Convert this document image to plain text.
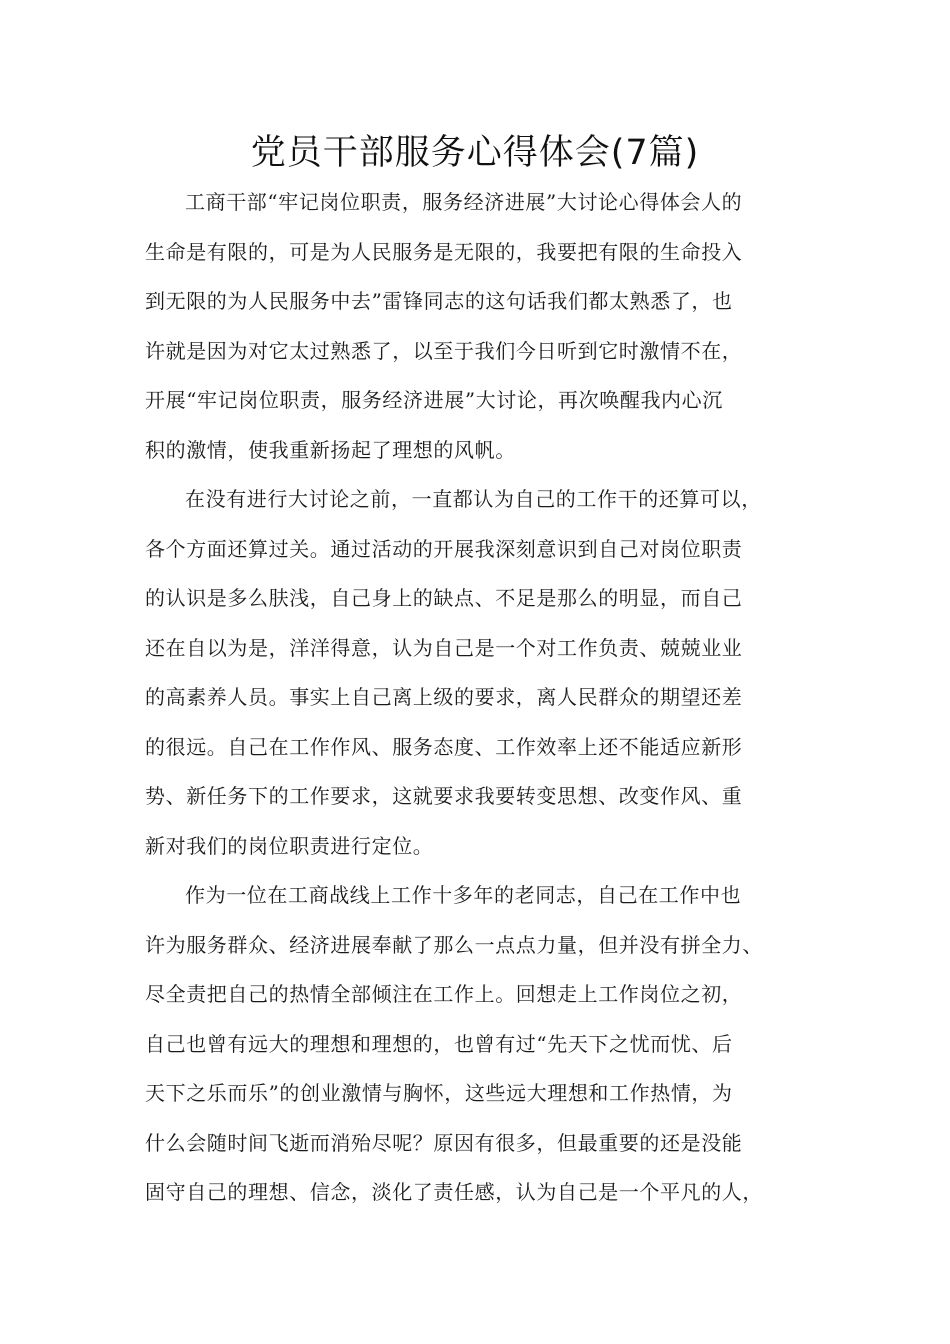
党员干部服务心得体会(7篇)
工商干部“牢记岗位职责，服务经济进展”大讨论心得体会人的
生命是有限的，可是为人民服务是无限的，我要把有限的生命投入
到无限的为人民服务中去”雷锋同志的这句话我们都太熟悉了，也
许就是因为对它太过熟悉了，以至于我们今日听到它时激情不在，
开展“牢记岗位职责，服务经济进展”大讨论，再次唤醒我内心沉
积的激情，使我重新扬起了理想的风帆。
在没有进行大讨论之前，一直都认为自己的工作干的还算可以，
各个方面还算过关。通过活动的开展我深刻意识到自己对岗位职责
的认识是多么肤浅，自己身上的缺点、不足是那么的明显，而自己
还在自以为是，洋洋得意，认为自己是一个对工作负责、兢兢业业
的高素养人员。事实上自己离上级的要求，离人民群众的期望还差
的很远。自己在工作作风、服务态度、工作效率上还不能适应新形
势、新任务下的工作要求，这就要求我要转变思想、改变作风、重
新对我们的岗位职责进行定位。
作为一位在工商战线上工作十多年的老同志，自己在工作中也
许为服务群众、经济进展奉献了那么一点点力量，但并没有拼全力、
尽全责把自己的热情全部倾注在工作上。回想走上工作岗位之初，
自己也曾有远大的理想和理想的，也曾有过“先天下之忧而忧、后
天下之乐而乐”的创业激情与胸怀，这些远大理想和工作热情，为
什么会随时间飞逝而消殆尽呢？原因有很多，但最重要的还是没能
固守自己的理想、信念，淡化了责任感，认为自己是一个平凡的人，
